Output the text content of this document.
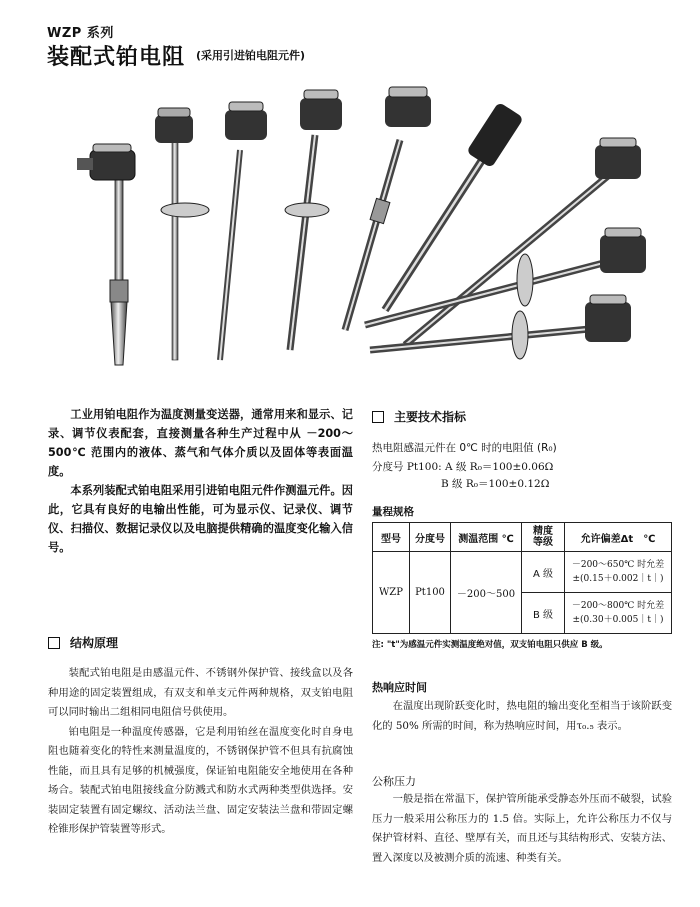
WZP 系列
装配式铂电阻 (采用引进铂电阻元件)

工业用铂电阻作为温度测量变送器，通常用来和显示、记录、调节仪表配套，直接测量各种生产过程中从 －200～500℃ 范围内的液体、蒸气和气体介质以及固体等表面温度。

本系列装配式铂电阻采用引进铂电阻元件作测温元件。因此，它具有良好的电输出性能，可为显示仪、记录仪、调节仪、扫描仪、数据记录仪以及电脑提供精确的温度变化输入信号。

结构原理

装配式铂电阻是由感温元件、不锈钢外保护管、接线盒以及各种用途的固定装置组成，有双支和单支元件两种规格，双支铂电阻可以同时输出二组相同电阻信号供使用。

铂电阻是一种温度传感器，它是利用铂丝在温度变化时自身电阻也随着变化的特性来测量温度的，不锈钢保护管不但具有抗腐蚀性能，而且具有足够的机械强度，保证铂电阻能安全地使用在各种场合。装配式铂电阻接线盒分防溅式和防水式两种类型供选择。安装固定装置有固定螺纹、活动法兰盘、固定安装法兰盘和带固定螺栓锥形保护管装置等形式。

主要技术指标
热电阻感温元件在 0℃ 时的电阻值 (R₀)
分度号 Pt100: A 级 R₀＝100±0.06Ω
B 级 R₀＝100±0.12Ω
量程规格
型号	分度号	测温范围 ℃	精度
等级	允许偏差Δt　℃
WZP	Pt100	－200～500	A 级	－200～650℃ 时允差
±(0.15＋0.002｜t｜)

			B 级	－200～800℃ 时允差
±(0.30＋0.005｜t｜)
注: "t"为感温元件实测温度绝对值，双支铂电阻只供应 B 级。
热响应时间

在温度出现阶跃变化时，热电阻的输出变化至相当于该阶跃变化的 50% 所需的时间，称为热响应时间，用τ₀.₅ 表示。

公称压力

一般是指在常温下，保护管所能承受静态外压而不破裂，试验压力一般采用公称压力的 1.5 倍。实际上，允许公称压力不仅与保护管材料、直径、壁厚有关，而且还与其结构形式、安装方法、置入深度以及被测介质的流速、种类有关。
